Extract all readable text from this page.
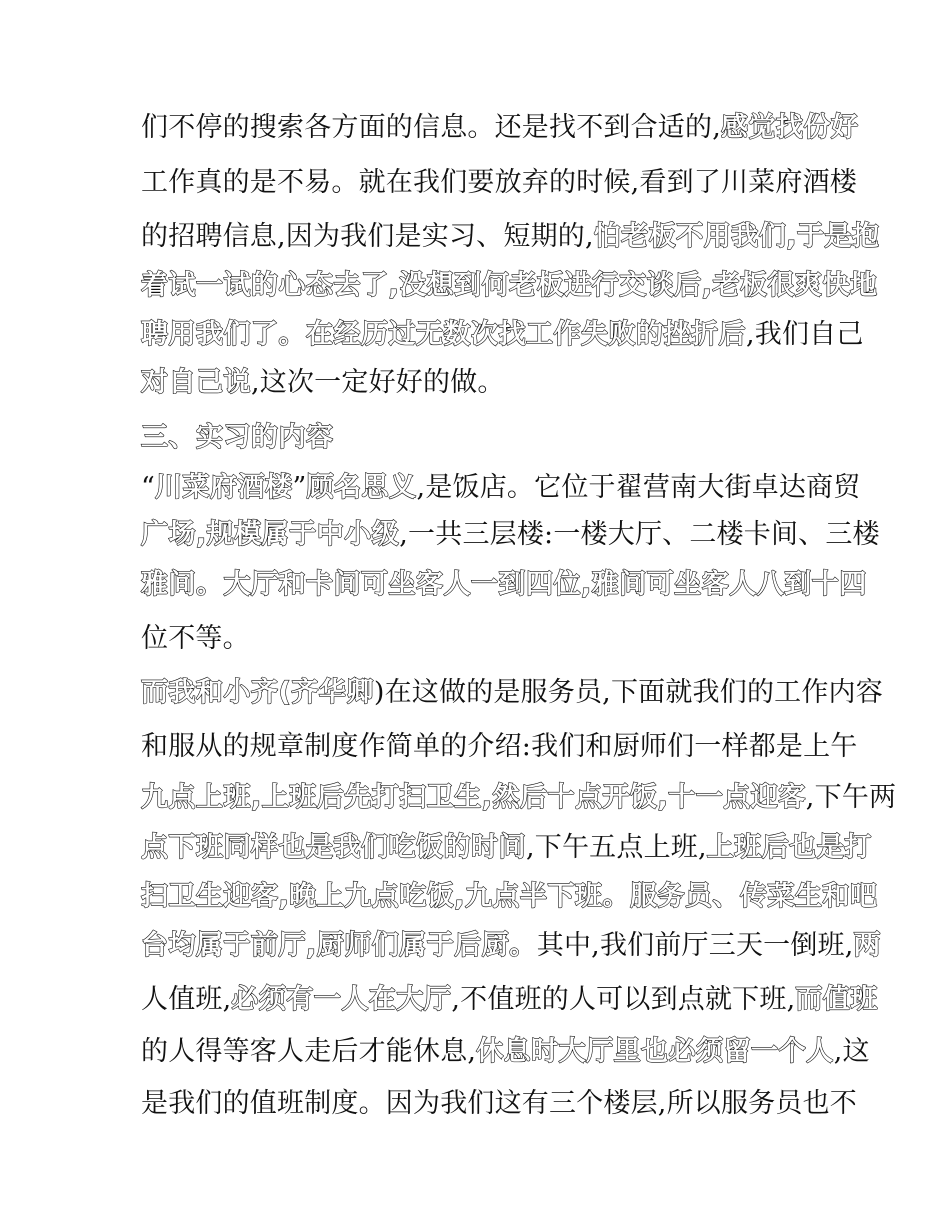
们不停的搜索各方面的信息。还是找不到合适的,感觉找份好
工作真的是不易。就在我们要放弃的时候,看到了川菜府酒楼
的招聘信息,因为我们是实习、短期的,怕老板不用我们,于是抱
着试一试的心态去了,没想到何老板进行交谈后,老板很爽快地
聘用我们了。在经历过无数次找工作失败的挫折后,我们自己
对自己说,这次一定好好的做。
三、实习的内容
“川菜府酒楼”顾名思义,是饭店。它位于翟营南大街卓达商贸
广场,规模属于中小级,一共三层楼:一楼大厅、二楼卡间、三楼
雅间。大厅和卡间可坐客人一到四位,雅间可坐客人八到十四
位不等。
而我和小齐(齐华卿)在这做的是服务员,下面就我们的工作内容
和服从的规章制度作简单的介绍:我们和厨师们一样都是上午
九点上班,上班后先打扫卫生,然后十点开饭,十一点迎客,下午两
点下班同样也是我们吃饭的时间,下午五点上班,上班后也是打
扫卫生迎客,晚上九点吃饭,九点半下班。服务员、传菜生和吧
台均属于前厅,厨师们属于后厨。其中,我们前厅三天一倒班,两
人值班,必须有一人在大厅,不值班的人可以到点就下班,而值班
的人得等客人走后才能休息,休息时大厅里也必须留一个人,这
是我们的值班制度。因为我们这有三个楼层,所以服务员也不
